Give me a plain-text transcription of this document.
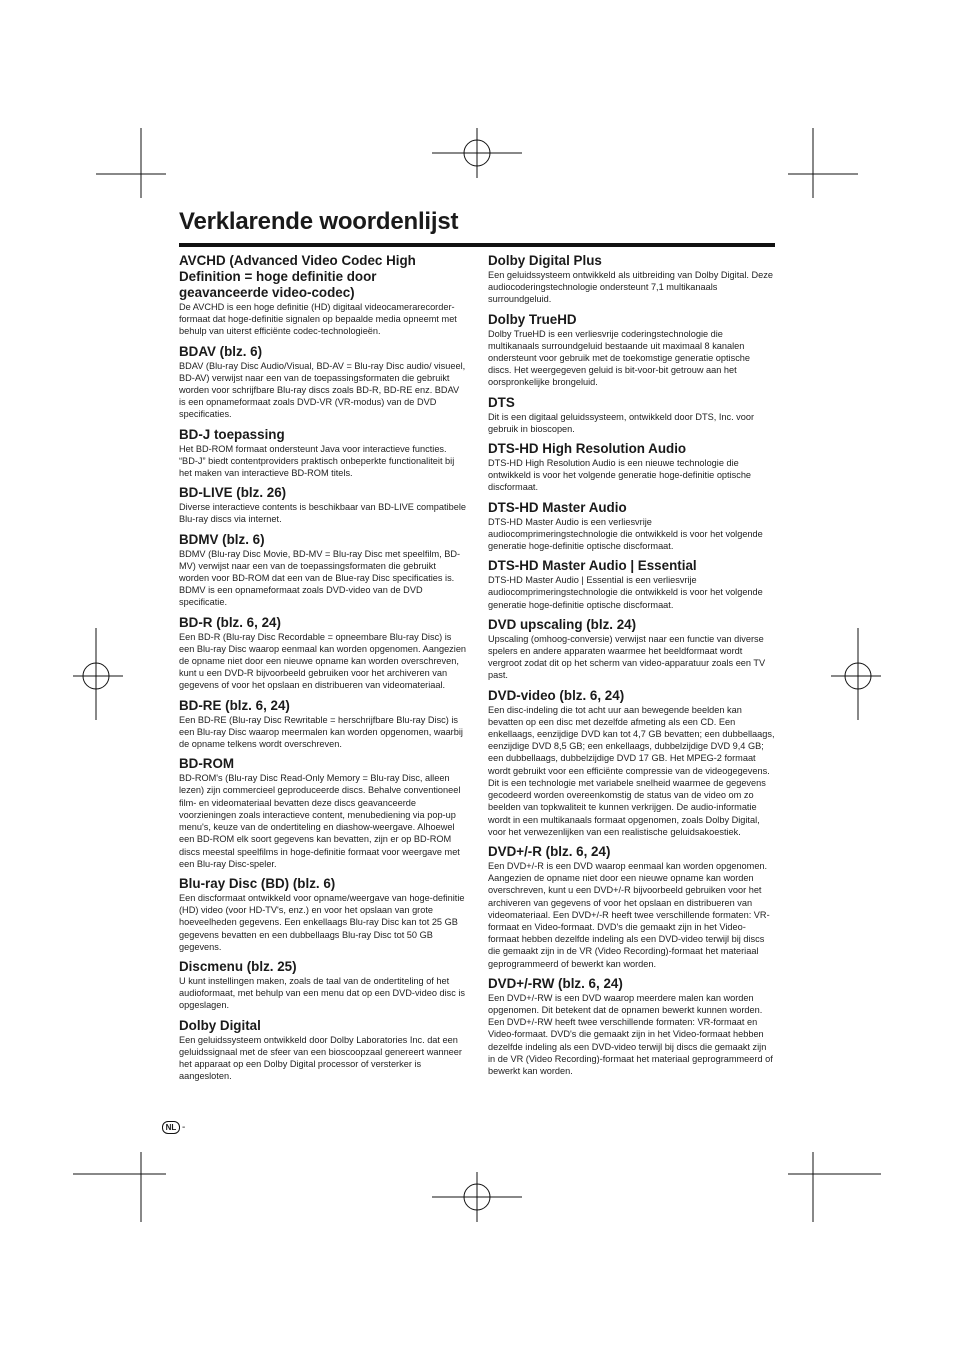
Verklarende woordenlijst
AVCHD (Advanced Video Codec High Definition = hoge definitie door geavanceerde video-codec)

De AVCHD is een hoge definitie (HD) digitaal videocamerarecorder-formaat dat hoge-definitie signalen op bepaalde media opneemt met behulp van uiterst efficiënte codec-technologieën.

BDAV (blz. 6)

BDAV (Blu-ray Disc Audio/Visual, BD-AV = Blu-ray Disc audio/ visueel, BD-AV) verwijst naar een van de toepassingsformaten die gebruikt worden voor schrijfbare Blu-ray discs zoals BD-R, BD-RE enz. BDAV is een opnameformaat zoals DVD-VR (VR-modus) van de DVD specificaties.

BD-J toepassing

Het BD-ROM formaat ondersteunt Java voor interactieve functies. “BD-J” biedt contentproviders praktisch onbeperkte functionaliteit bij het maken van interactieve BD-ROM titels.

BD-LIVE (blz. 26)

Diverse interactieve contents is beschikbaar van BD-LIVE compatibele Blu-ray discs via internet.

BDMV (blz. 6)

BDMV (Blu-ray Disc Movie, BD-MV = Blu-ray Disc met speelfilm, BD-MV) verwijst naar een van de toepassingsformaten die gebruikt worden voor BD-ROM dat een van de Blue-ray Disc specificaties is. BDMV is een opnameformaat zoals DVD-video van de DVD specificatie.

BD-R (blz. 6, 24)

Een BD-R (Blu-ray Disc Recordable = opneembare Blu-ray Disc) is een Blu-ray Disc waarop eenmaal kan worden opgenomen. Aangezien de opname niet door een nieuwe opname kan worden overschreven, kunt u een DVD-R bijvoorbeeld gebruiken voor het archiveren van gegevens of voor het opslaan en distribueren van videomateriaal.

BD-RE (blz. 6, 24)

Een BD-RE (Blu-ray Disc Rewritable = herschrijfbare Blu-ray Disc) is een Blu-ray Disc waarop meermalen kan worden opgenomen, waarbij de opname telkens wordt overschreven.

BD-ROM

BD-ROM's (Blu-ray Disc Read-Only Memory = Blu-ray Disc, alleen lezen) zijn commercieel geproduceerde discs. Behalve conventioneel film- en videomateriaal bevatten deze discs geavanceerde voorzieningen zoals interactieve content, menubediening via pop-up menu's, keuze van de ondertiteling en diashow-weergave. Alhoewel een BD-ROM elk soort gegevens kan bevatten, zijn er op BD-ROM discs meestal speelfilms in hoge-definitie formaat voor weergave met een Blu-ray Disc-speler.

Blu-ray Disc (BD) (blz. 6)

Een discformaat ontwikkeld voor opname/weergave van hoge-definitie (HD) video (voor HD-TV's, enz.) en voor het opslaan van grote hoeveelheden gegevens. Een enkellaags Blu-ray Disc kan tot 25 GB gegevens bevatten en een dubbellaags Blu-ray Disc tot 50 GB gegevens.

Discmenu (blz. 25)

U kunt instellingen maken, zoals de taal van de ondertiteling of het audioformaat, met behulp van een menu dat op een DVD-video disc is opgeslagen.

Dolby Digital

Een geluidssysteem ontwikkeld door Dolby Laboratories Inc. dat een geluidssignaal met de sfeer van een bioscoopzaal genereert wanneer het apparaat op een Dolby Digital processor of versterker is aangesloten.

Dolby Digital Plus

Een geluidssysteem ontwikkeld als uitbreiding van Dolby Digital. Deze audiocoderingstechnologie ondersteunt 7,1 multikanaals surroundgeluid.

Dolby TrueHD

Dolby TrueHD is een verliesvrije coderingstechnologie die multikanaals surroundgeluid bestaande uit maximaal 8 kanalen ondersteunt voor gebruik met de toekomstige generatie optische discs. Het weergegeven geluid is bit-voor-bit getrouw aan het oorspronkelijke brongeluid.

DTS

Dit is een digitaal geluidssysteem, ontwikkeld door DTS, Inc. voor gebruik in bioscopen.

DTS-HD High Resolution Audio

DTS-HD High Resolution Audio is een nieuwe technologie die ontwikkeld is voor het volgende generatie hoge-definitie optische discformaat.

DTS-HD Master Audio

DTS-HD Master Audio is een verliesvrije audiocomprimeringstechnologie die ontwikkeld is voor het volgende generatie hoge-definitie optische discformaat.

DTS-HD Master Audio | Essential

DTS-HD Master Audio | Essential is een verliesvrije audiocomprimeringstechnologie die ontwikkeld is voor het volgende generatie hoge-definitie optische discformaat.

DVD upscaling (blz. 24)

Upscaling (omhoog-conversie) verwijst naar een functie van diverse spelers en andere apparaten waarmee het beeldformaat wordt vergroot zodat dit op het scherm van video-apparatuur zoals een TV past.

DVD-video (blz. 6, 24)

Een disc-indeling die tot acht uur aan bewegende beelden kan bevatten op een disc met dezelfde afmeting als een CD. Een enkellaags, eenzijdige DVD kan tot 4,7 GB bevatten; een dubbellaags, eenzijdige DVD 8,5 GB; een enkellaags, dubbelzijdige DVD 9,4 GB; een dubbellaags, dubbelzijdige DVD 17 GB. Het MPEG-2 formaat wordt gebruikt voor een efficiënte compressie van de videogegevens. Dit is een technologie met variabele snelheid waarmee de gegevens gecodeerd worden overeenkomstig de status van de video om zo beelden van topkwaliteit te kunnen verkrijgen. De audio-informatie wordt in een multikanaals formaat opgenomen, zoals Dolby Digital, voor het verwezenlijken van een realistische geluidsakoestiek.

DVD+/-R (blz. 6, 24)

Een DVD+/-R is een DVD waarop eenmaal kan worden opgenomen. Aangezien de opname niet door een nieuwe opname kan worden overschreven, kunt u een DVD+/-R bijvoorbeeld gebruiken voor het archiveren van gegevens of voor het opslaan en distribueren van videomateriaal. Een DVD+/-R heeft twee verschillende formaten: VR-formaat en Video-formaat. DVD's die gemaakt zijn in het Video-formaat hebben dezelfde indeling als een DVD-video terwijl bij discs die gemaakt zijn in de VR (Video Recording)-formaat het materiaal geprogrammeerd of bewerkt kan worden.

DVD+/-RW (blz. 6, 24)

Een DVD+/-RW is een DVD waarop meerdere malen kan worden opgenomen. Dit betekent dat de opnamen bewerkt kunnen worden. Een DVD+/-RW heeft twee verschillende formaten: VR-formaat en Video-formaat. DVD's die gemaakt zijn in het Video-formaat hebben dezelfde indeling als een DVD-video terwijl bij discs die gemaakt zijn in de VR (Video Recording)-formaat het materiaal geprogrammeerd of bewerkt kan worden.

NL -
